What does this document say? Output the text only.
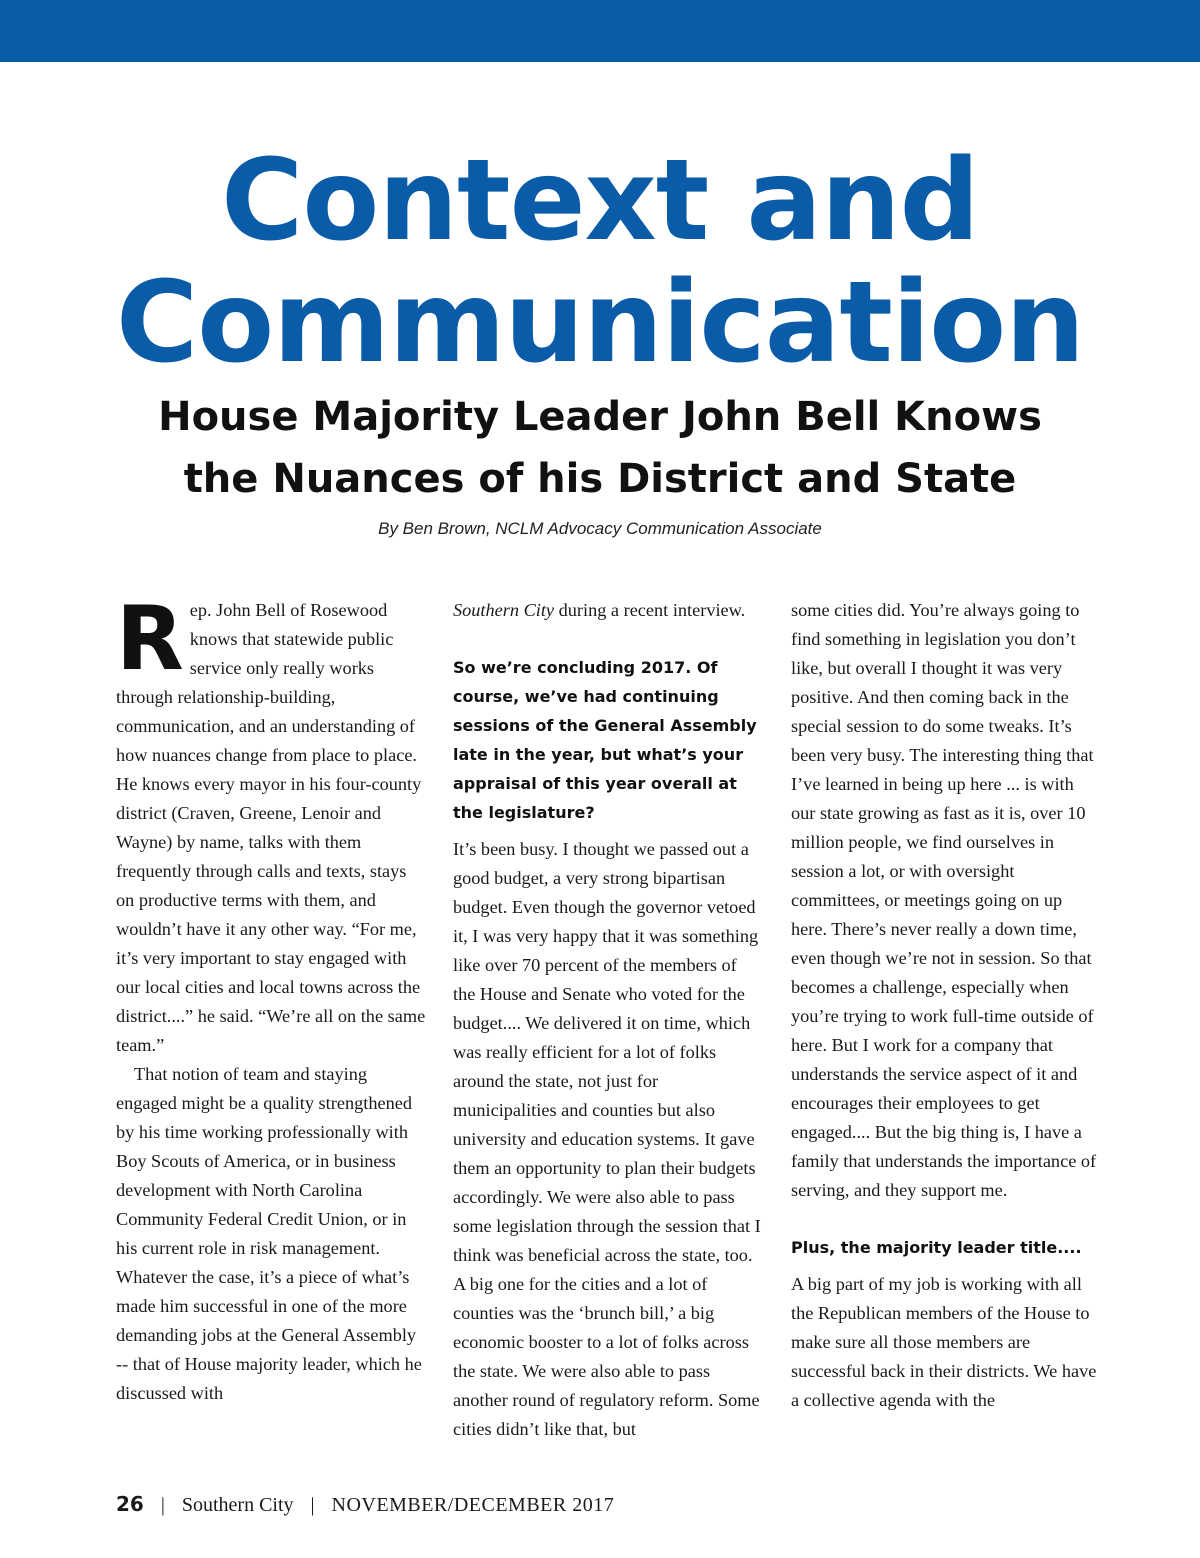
Context and
Communication
House Majority Leader John Bell Knows
the Nuances of his District and State
By Ben Brown, NCLM Advocacy Communication Associate

Rep. John Bell of Rosewood knows that statewide public service only really works through relationship-building, communication, and an understanding of how nuances change from place to place. He knows every mayor in his four-county district (Craven, Greene, Lenoir and Wayne) by name, talks with them frequently through calls and texts, stays on productive terms with them, and wouldn’t have it any other way. “For me, it’s very important to stay engaged with our local cities and local towns across the district....” he said. “We’re all on the same team.”

That notion of team and staying engaged might be a quality strengthened by his time working professionally with Boy Scouts of America, or in business development with North Carolina Community Federal Credit Union, or in his current role in risk management. Whatever the case, it’s a piece of what’s made him successful in one of the more demanding jobs at the General Assembly -- that of House majority leader, which he discussed with

Southern City during a recent interview.

So we’re concluding 2017. Of course, we’ve had continuing sessions of the General Assembly late in the year, but what’s your appraisal of this year overall at the legislature?

It’s been busy. I thought we passed out a good budget, a very strong bipartisan budget. Even though the governor vetoed it, I was very happy that it was something like over 70 percent of the members of the House and Senate who voted for the budget.... We delivered it on time, which was really efficient for a lot of folks around the state, not just for municipalities and counties but also university and education systems. It gave them an opportunity to plan their budgets accordingly. We were also able to pass some legislation through the session that I think was beneficial across the state, too. A big one for the cities and a lot of counties was the ‘brunch bill,’ a big economic booster to a lot of folks across the state. We were also able to pass another round of regulatory reform. Some cities didn’t like that, but

some cities did. You’re always going to find something in legislation you don’t like, but overall I thought it was very positive. And then coming back in the special session to do some tweaks. It’s been very busy. The interesting thing that I’ve learned in being up here ... is with our state growing as fast as it is, over 10 million people, we find ourselves in session a lot, or with oversight committees, or meetings going on up here. There’s never really a down time, even though we’re not in session. So that becomes a challenge, especially when you’re trying to work full-time outside of here. But I work for a company that understands the service aspect of it and encourages their employees to get engaged.... But the big thing is, I have a family that understands the importance of serving, and they support me.

Plus, the majority leader title....

A big part of my job is working with all the Republican members of the House to make sure all those members are successful back in their districts. We have a collective agenda with the

26 | Southern City | NOVEMBER/DECEMBER 2017
